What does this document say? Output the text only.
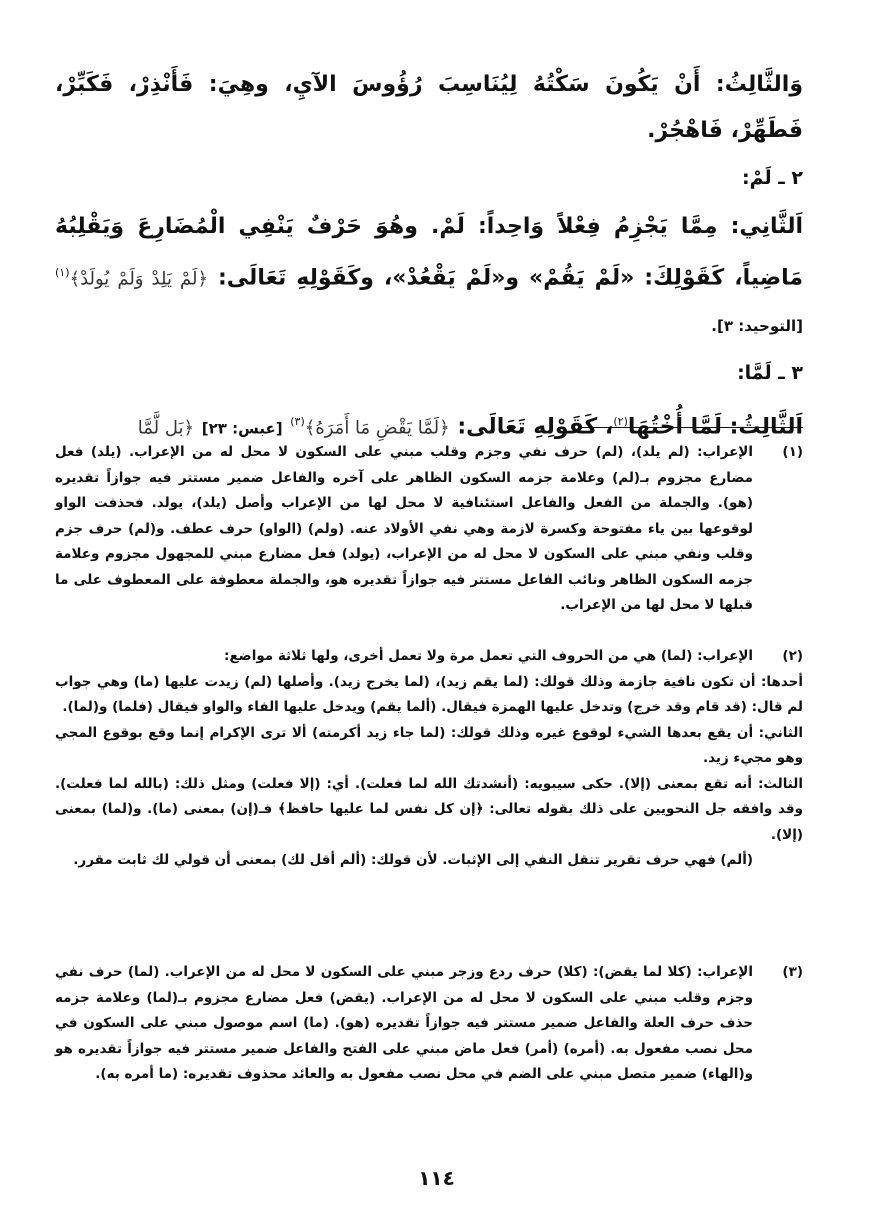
وَالثَّالِثُ: أَنْ يَكُونَ سَكْتُهُ لِيُنَاسِبَ رُؤُوسَ الآيِ، وهِيَ: فَأَنْذِرْ، فَكَبِّرْ، فَطَهِّرْ، فَاهْجُرْ.

٢ ـ لَمْ:

اَلثَّانِي: مِمَّا يَجْزِمُ فِعْلاً وَاحِداً: لَمْ. وهُوَ حَرْفٌ يَنْفِي الْمُضَارِعَ وَيَقْلِبُهُ مَاضِياً، كَقَوْلِكَ: «لَمْ يَقُمْ» و«لَمْ يَقْعُدْ»، وكَقَوْلِهِ تَعَالَى: ﴿لَمْ يَلِدْ وَلَمْ يُولَدْ﴾$^{(١)}$ [التوحيد: ٣].

٣ ـ لَمَّا:

اَلثَّالِثُ: لَمَّا أُخْتُهَا$^{(٢)}$، كَقَوْلِهِ تَعَالَى: ﴿لَمَّا يَقْضِ مَا أَمَرَهُ﴾$^{(٣)}$ [عبس: ٢٣] ﴿بَل لَّمَّا

(١)

الإعراب: (لم يلد)، (لم) حرف نفي وجزم وقلب مبني على السكون لا محل له من الإعراب. (يلد) فعل مضارع مجزوم بـ(لم) وعلامة جزمه السكون الظاهر على آخره والفاعل ضمير مستتر فيه جوازاً تقديره (هو). والجملة من الفعل والفاعل استئنافية لا محل لها من الإعراب وأصل (يلد)، يولد. فحذفت الواو لوقوعها بين ياء مفتوحة وكسرة لازمة وهي نفي الأولاد عنه. (ولم) (الواو) حرف عطف. و(لم) حرف جزم وقلب ونفي مبني على السكون لا محل له من الإعراب، (يولد) فعل مضارع مبني للمجهول مجزوم وعلامة جزمه السكون الظاهر ونائب الفاعل مستتر فيه جوازاً تقديره هو، والجملة معطوفة على المعطوف على ما قبلها لا محل لها من الإعراب.

(٢)

الإعراب: (لما) هي من الحروف التي تعمل مرة ولا تعمل أخرى، ولها ثلاثة مواضع:

أحدها: أن تكون نافية جازمة وذلك قولك: (لما يقم زيد)، (لما يخرج زيد). وأصلها (لم) زيدت عليها (ما) وهي جواب لم قال: (قد قام وقد خرج) وتدخل عليها الهمزة فيقال. (ألما يقم) ويدخل عليها الفاء والواو فيقال (فلما) و(لما).

الثاني: أن يقع بعدها الشيء لوقوع غيره وذلك قولك: (لما جاء زيد أكرمته) ألا ترى الإكرام إنما وقع بوقوع المجي وهو مجيء زيد.

الثالث: أنه تقع بمعنى (إلا). حكى سيبويه: (أنشدتك الله لما فعلت). أي: (إلا فعلت) ومثل ذلك: (بالله لما فعلت). وقد وافقه جل النحويين على ذلك بقوله تعالى: ﴿إن كل نفس لما عليها حافظ﴾ فـ(إن) بمعنى (ما). و(لما) بمعنى (إلا).

(ألم) فهي حرف تقرير تنقل النفي إلى الإثبات. لأن قولك: (ألم أقل لك) بمعنى أن قولي لك ثابت مقرر.

(٣)

الإعراب: (كلا لما يقض): (كلا) حرف ردع وزجر مبني على السكون لا محل له من الإعراب. (لما) حرف نفي وجزم وقلب مبني على السكون لا محل له من الإعراب. (يقض) فعل مضارع مجزوم بـ(لما) وعلامة جزمه حذف حرف العلة والفاعل ضمير مستتر فيه جوازاً تقديره (هو). (ما) اسم موصول مبني على السكون في محل نصب مفعول به. (أمره) (أمر) فعل ماض مبني على الفتح والفاعل ضمير مستتر فيه جوازاً تقديره هو و(الهاء) ضمير متصل مبني على الضم في محل نصب مفعول به والعائد محذوف تقديره: (ما أمره به).

١١٤
